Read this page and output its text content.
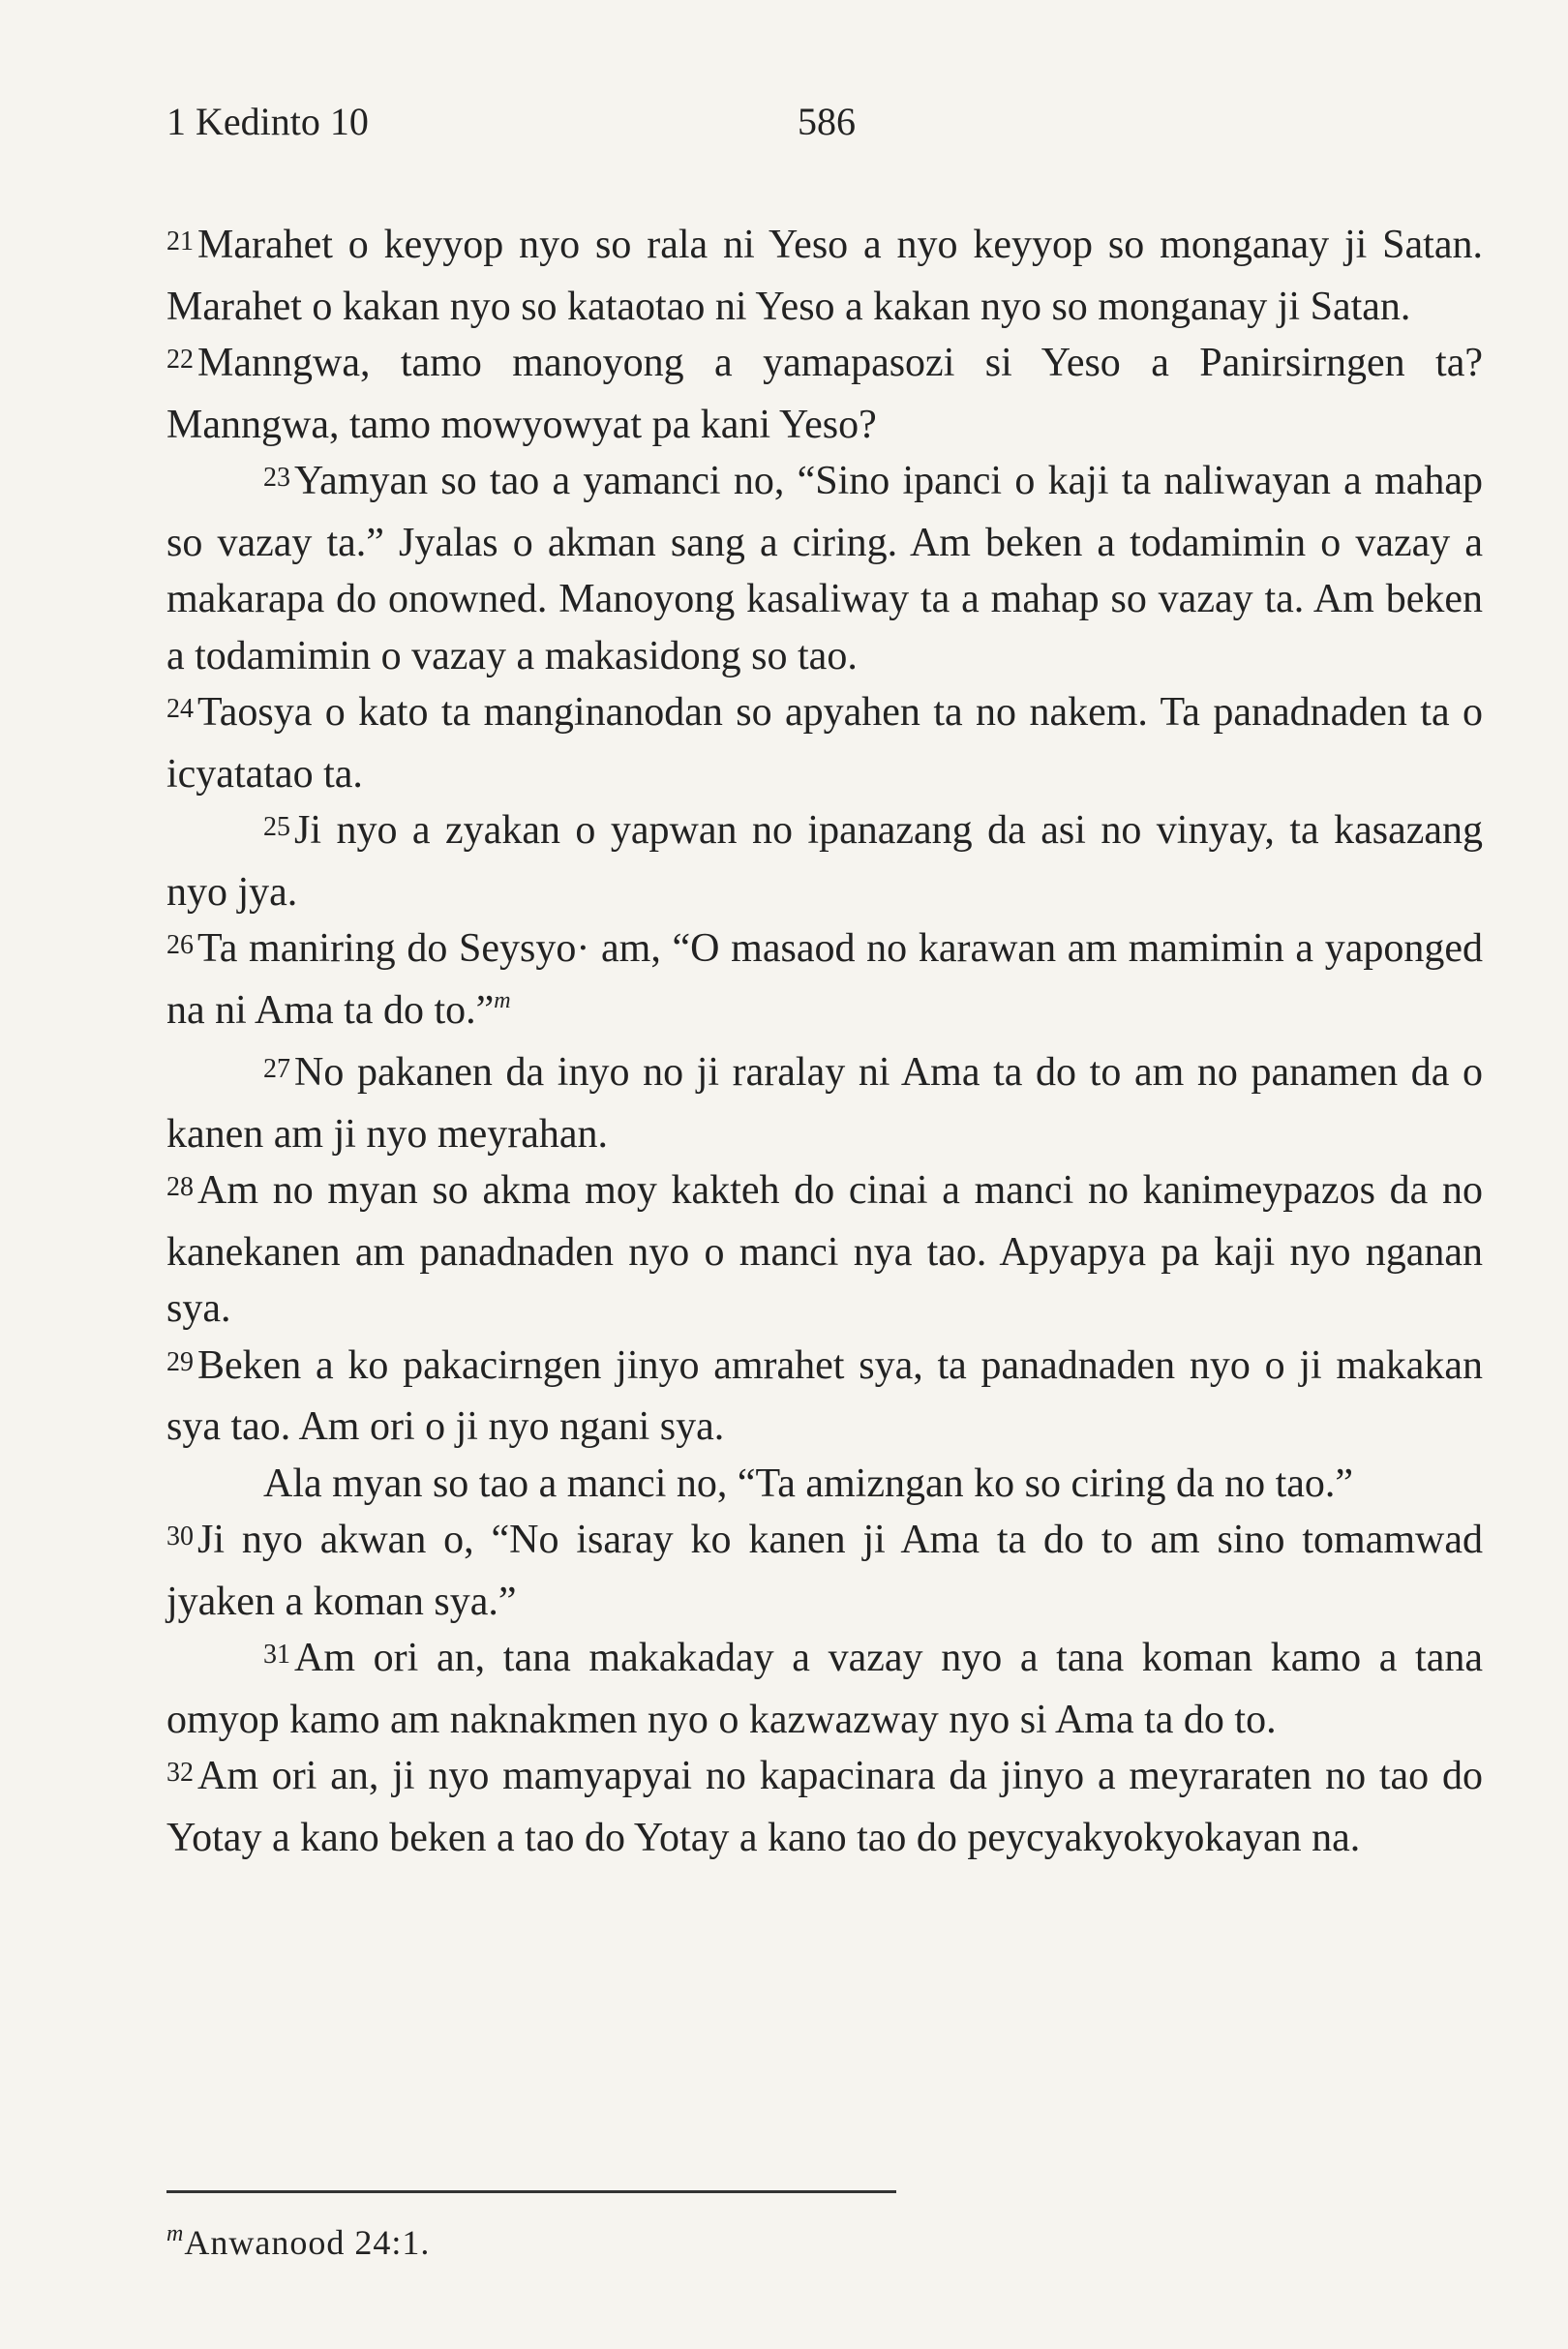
1 Kedinto 10	586

21Marahet o keyyop nyo so rala ni Yeso a nyo keyyop so monganay ji Satan. Marahet o kakan nyo so kataotao ni Yeso a kakan nyo so monganay ji Satan.

22Manngwa, tamo manoyong a yamapasozi si Yeso a Panirsirngen ta? Manngwa, tamo mowyowyat pa kani Yeso?

23Yamyan so tao a yamanci no, “Sino ipanci o kaji ta naliwayan a mahap so vazay ta.” Jyalas o akman sang a ciring. Am beken a todamimin o vazay a makarapa do onowned. Manoyong kasaliway ta a mahap so vazay ta. Am beken a todamimin o vazay a makasidong so tao.

24Taosya o kato ta manginanodan so apyahen ta no nakem. Ta panadnaden ta o icyatatao ta.

25Ji nyo a zyakan o yapwan no ipanazang da asi no vinyay, ta kasazang nyo jya.

26Ta maniring do Seysyo· am, “O masaod no karawan am mamimin a yaponged na ni Ama ta do to.”$^m$

27No pakanen da inyo no ji raralay ni Ama ta do to am no panamen da o kanen am ji nyo meyrahan.

28Am no myan so akma moy kakteh do cinai a manci no kanimeypazos da no kanekanen am panadnaden nyo o manci nya tao. Apyapya pa kaji nyo nganan sya.

29Beken a ko pakacirngen jinyo amrahet sya, ta panadnaden nyo o ji makakan sya tao. Am ori o ji nyo ngani sya.

Ala myan so tao a manci no, “Ta amizngan ko so ciring da no tao.”

30Ji nyo akwan o, “No isaray ko kanen ji Ama ta do to am sino tomamwad jyaken a koman sya.”

31Am ori an, tana makakaday a vazay nyo a tana koman kamo a tana omyop kamo am naknakmen nyo o kazwazway nyo si Ama ta do to.

32Am ori an, ji nyo mamyapyai no kapacinara da jinyo a meyraraten no tao do Yotay a kano beken a tao do Yotay a kano tao do peycyakyokyokayan na.

$^m$Anwanood 24:1.
